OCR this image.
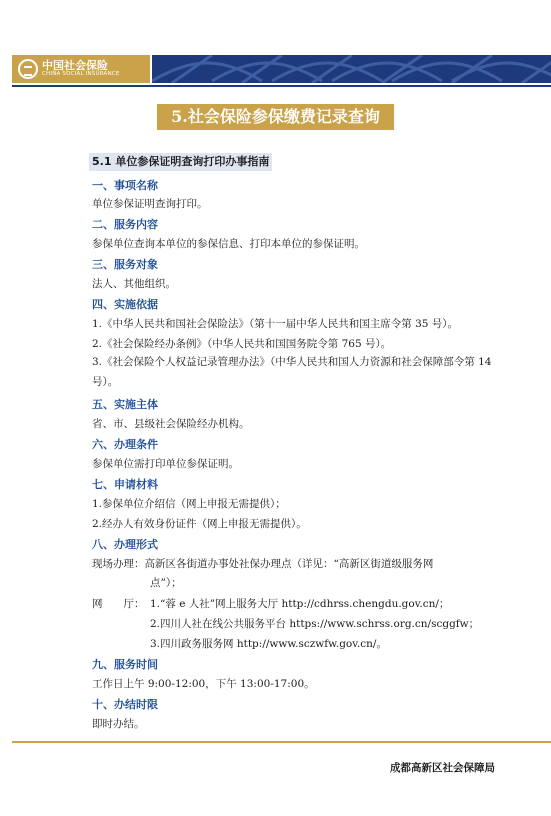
中国社会保险
CHINA SOCIAL INSURANCE
5.社会保险参保缴费记录查询
5.1 单位参保证明查询打印办事指南
一、事项名称
单位参保证明查询打印。
二、服务内容
参保单位查询本单位的参保信息、打印本单位的参保证明。
三、服务对象
法人、其他组织。
四、实施依据
1.《中华人民共和国社会保险法》（第十一届中华人民共和国主席令第 35 号）。
2.《社会保险经办条例》（中华人民共和国国务院令第 765 号）。
3.《社会保险个人权益记录管理办法》（中华人民共和国人力资源和社会保障部令第 14 号）。
五、实施主体
省、市、县级社会保险经办机构。
六、办理条件
参保单位需打印单位参保证明。
七、申请材料
1.参保单位介绍信（网上申报无需提供）；
2.经办人有效身份证件（网上申报无需提供）。
八、办理形式
现场办理：高新区各街道办事处社保办理点（详见：“高新区街道级服务网
点”）；
网　　厅： 1.“蓉 e 人社”网上服务大厅 http://cdhrss.chengdu.gov.cn/；
2.四川人社在线公共服务平台 https://www.schrss.org.cn/scggfw；
3.四川政务服务网 http://www.sczwfw.gov.cn/。
九、服务时间
工作日上午 9:00-12:00，下午 13:00-17:00。
十、办结时限
即时办结。
成都高新区社会保障局
